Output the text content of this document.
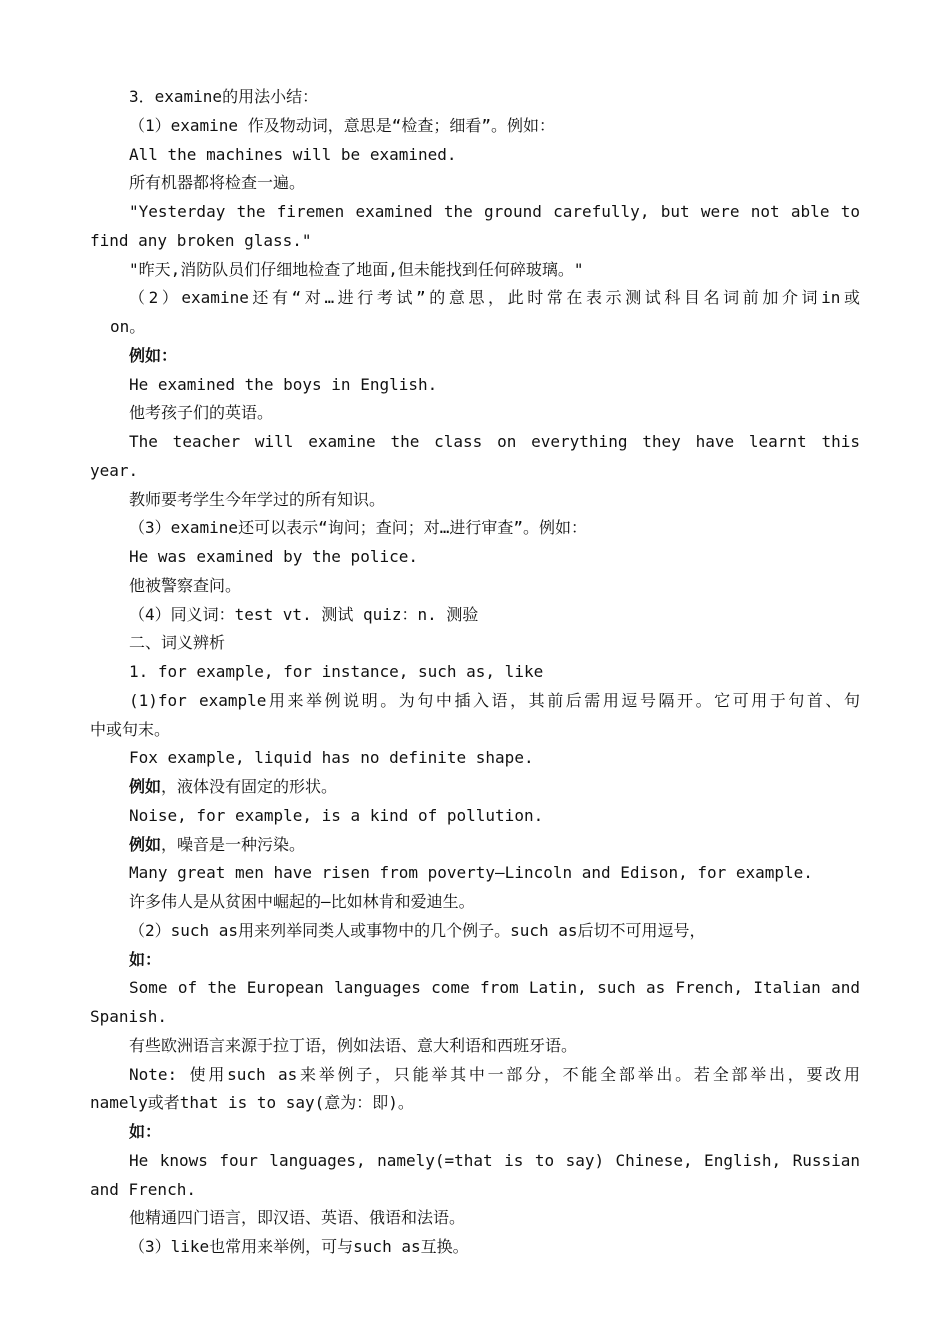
3．examine的用法小结：
（1）examine 作及物动词，意思是“检查；细看”。例如：
All the machines will be examined.
所有机器都将检查一遍。
"Yesterday the firemen examined the ground carefully, but were not able to
find any broken glass."
"昨天,消防队员们仔细地检查了地面,但未能找到任何碎玻璃。"
（2）examine还有“对…进行考试”的意思，此时常在表示测试科目名词前加介词in或
on。
例如：
He examined the boys in English.
他考孩子们的英语。
The teacher will examine the class on everything they have learnt this
year.
教师要考学生今年学过的所有知识。
（3）examine还可以表示“询问；查问；对…进行审查”。例如：
He was examined by the police.
他被警察查问。
（4）同义词：test vt. 测试 quiz：n. 测验
二、词义辨析
1. for example, for instance, such as, like
(1)for example用来举例说明。为句中插入语，其前后需用逗号隔开。它可用于句首、句
中或句末。
Fox example, liquid has no definite shape.
例如，液体没有固定的形状。
Noise, for example, is a kind of pollution.
例如，噪音是一种污染。
Many great men have risen from poverty—Lincoln and Edison, for example.
许多伟人是从贫困中崛起的—比如林肯和爱迪生。
（2）such as用来列举同类人或事物中的几个例子。such as后切不可用逗号，
如：
Some of the European languages come from Latin, such as French, Italian and
Spanish.
有些欧洲语言来源于拉丁语，例如法语、意大利语和西班牙语。
Note: 使用such as来举例子，只能举其中一部分，不能全部举出。若全部举出，要改用
namely或者that is to say(意为：即)。
如：
He knows four languages, namely(=that is to say) Chinese, English, Russian
and French.
他精通四门语言，即汉语、英语、俄语和法语。
（3）like也常用来举例，可与such as互换。
